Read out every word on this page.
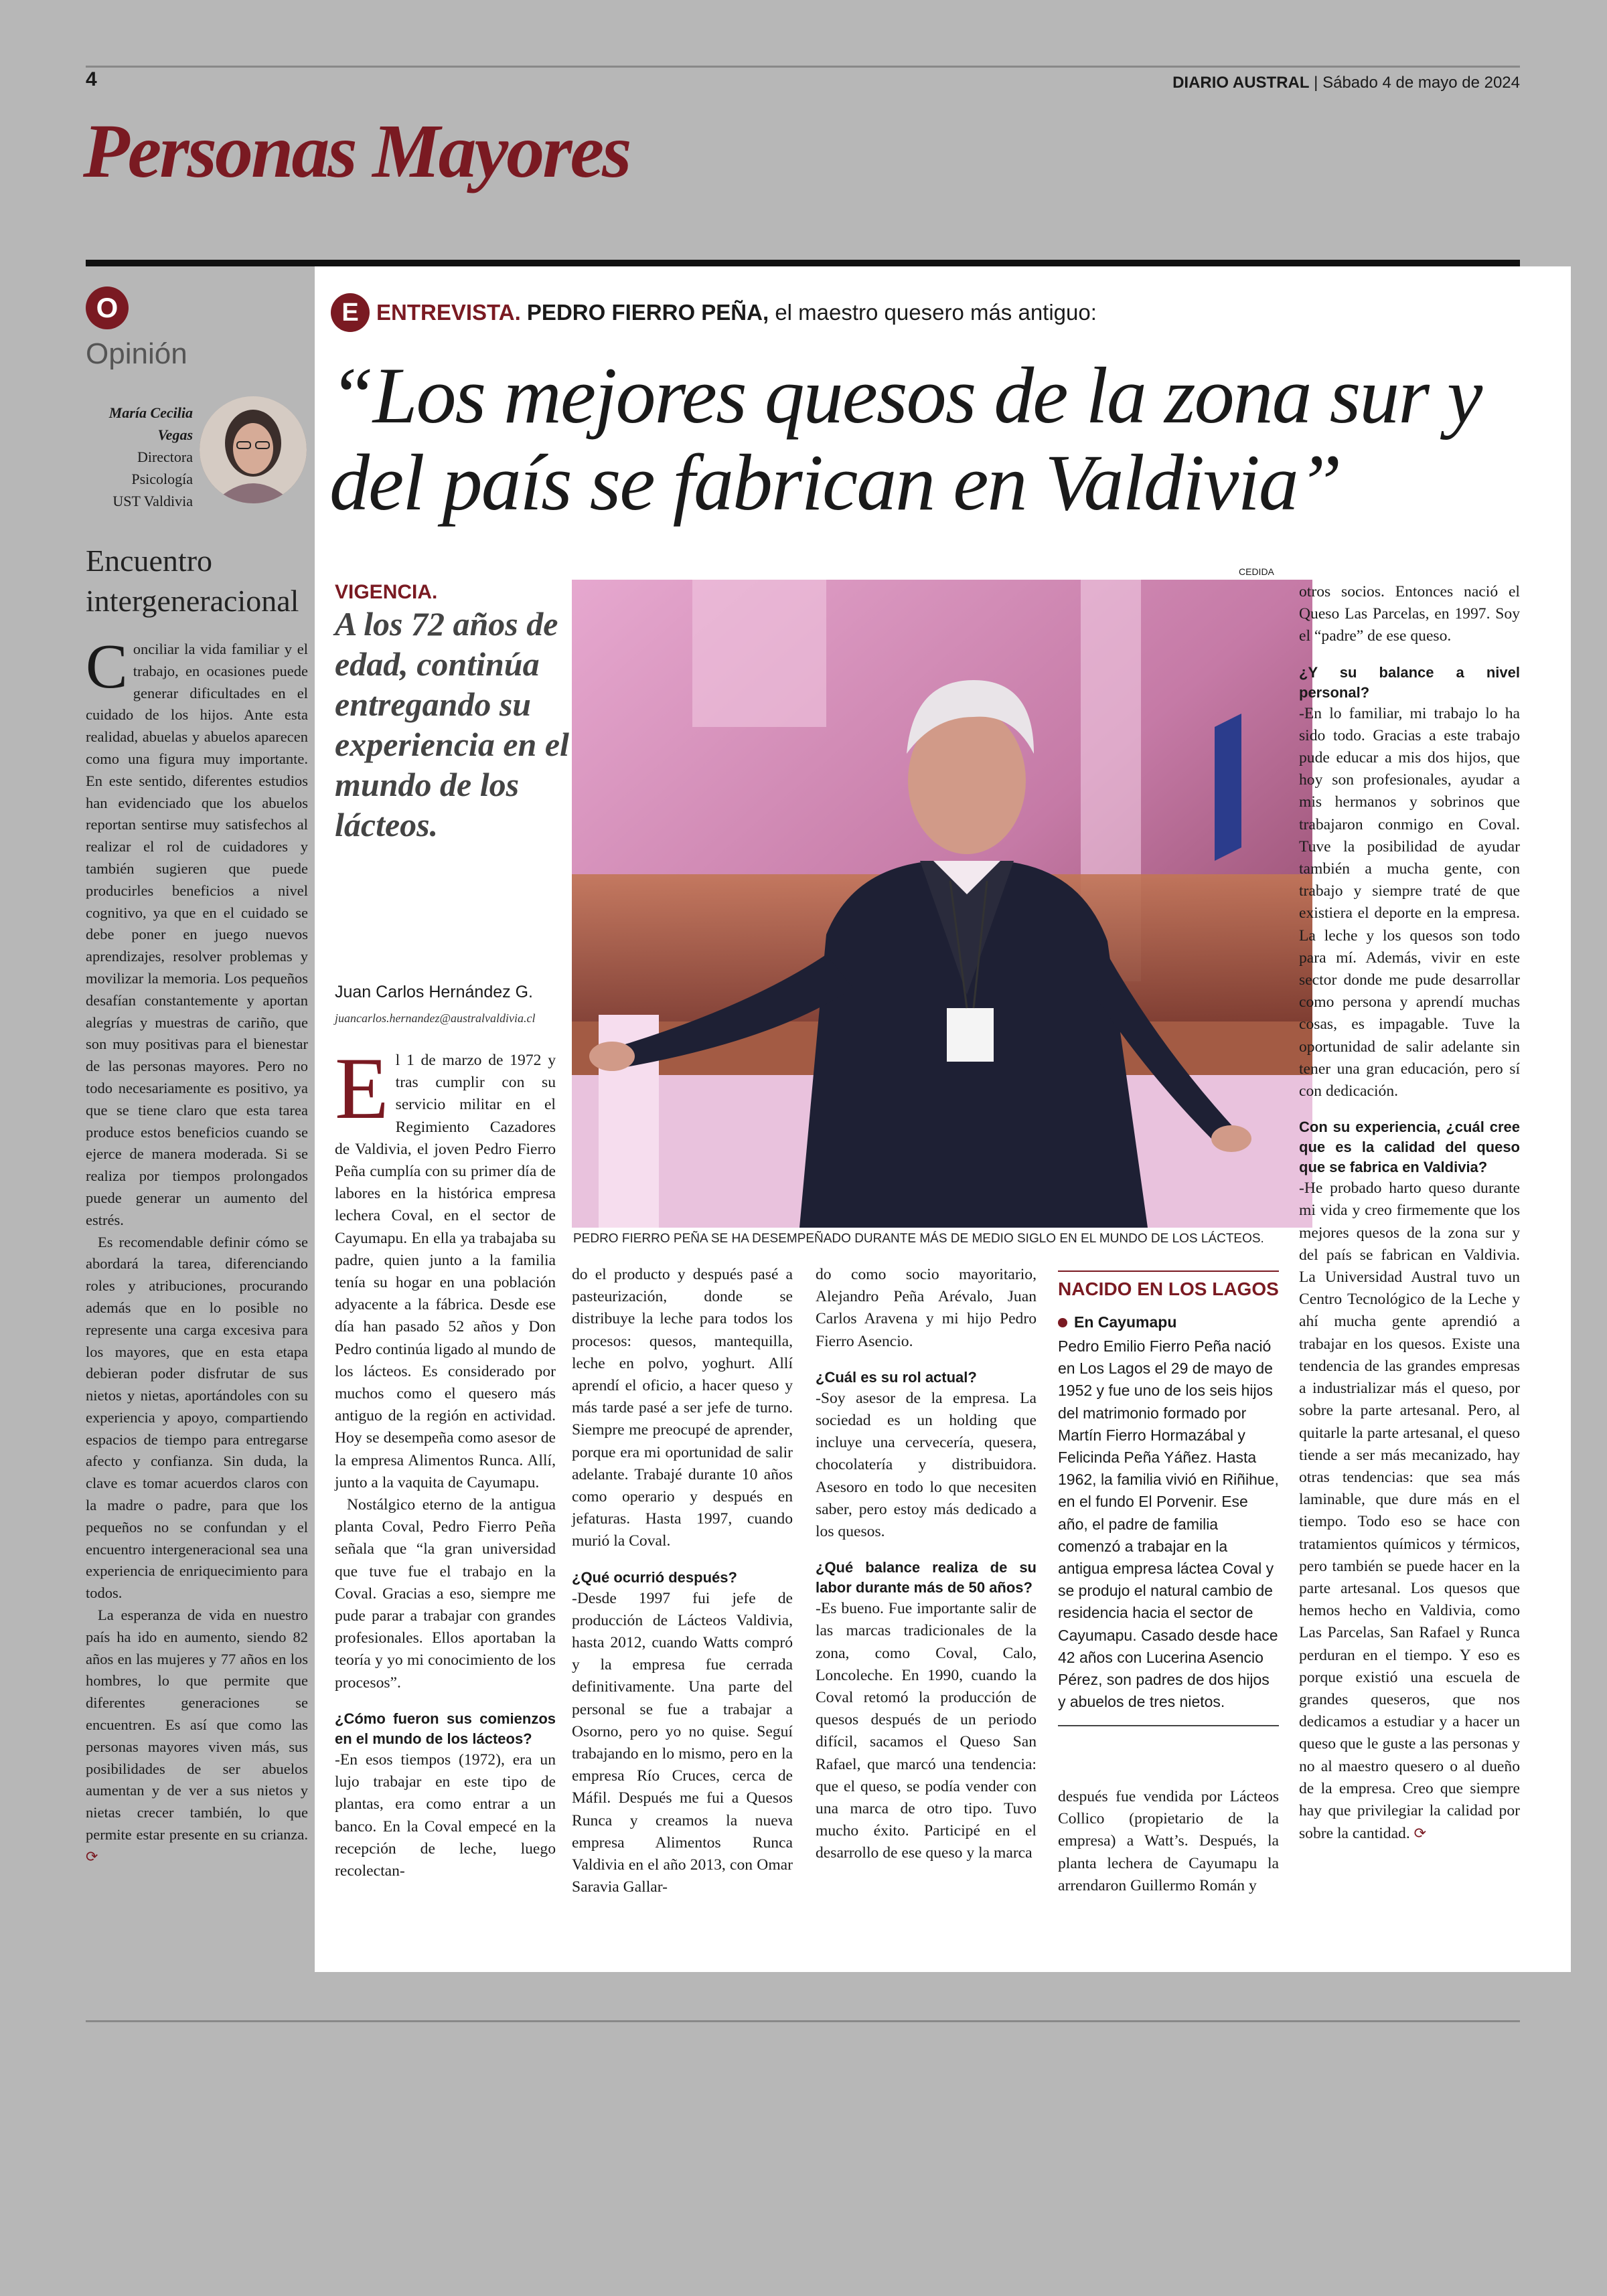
4	DIARIO AUSTRAL | Sábado 4 de mayo de 2024
Personas Mayores
O
Opinión
María Cecilia Vegas
Directora
Psicología
UST Valdivia
Encuentro intergeneracional

Conciliar la vida familiar y el trabajo, en ocasiones puede generar dificultades en el cuidado de los hijos. Ante esta realidad, abuelas y abuelos aparecen como una figura muy importante. En este sentido, diferentes estudios han evidenciado que los abuelos reportan sentirse muy satisfechos al realizar el rol de cuidadores y también sugieren que puede producirles beneficios a nivel cognitivo, ya que en el cuidado se debe poner en juego nuevos aprendizajes, resolver problemas y movilizar la memoria. Los pequeños desafían constantemente y aportan alegrías y muestras de cariño, que son muy positivas para el bienestar de las personas mayores. Pero no todo necesariamente es positivo, ya que se tiene claro que esta tarea produce estos beneficios cuando se ejerce de manera moderada. Si se realiza por tiempos prolongados puede generar un aumento del estrés.

Es recomendable definir cómo se abordará la tarea, diferenciando roles y atribuciones, procurando además que en lo posible no represente una carga excesiva para los mayores, que en esta etapa debieran poder disfrutar de sus nietos y nietas, aportándoles con su experiencia y apoyo, compartiendo espacios de tiempo para entregarse afecto y confianza. Sin duda, la clave es tomar acuerdos claros con la madre o padre, para que los pequeños no se confundan y el encuentro intergeneracional sea una experiencia de enriquecimiento para todos.

La esperanza de vida en nuestro país ha ido en aumento, siendo 82 años en las mujeres y 77 años en los hombres, lo que permite que diferentes generaciones se encuentren. Es así que como las personas mayores viven más, sus posibilidades de ser abuelos aumentan y de ver a sus nietos y nietas crecer también, lo que permite estar presente en su crianza. ⟳

E ENTREVISTA. PEDRO FIERRO PEÑA, el maestro quesero más antiguo:
“Los mejores quesos de la zona sur y del país se fabrican en Valdivia”
VIGENCIA.
A los 72 años de edad, continúa entregando su experiencia en el mundo de los lácteos.
Juan Carlos Hernández G.
juancarlos.hernandez@australvaldivia.cl
CEDIDA
PEDRO FIERRO PEÑA SE HA DESEMPEÑADO DURANTE MÁS DE MEDIO SIGLO EN EL MUNDO DE LOS LÁCTEOS.

El 1 de marzo de 1972 y tras cumplir con su servicio militar en el Regimiento Cazadores de Valdivia, el joven Pedro Fierro Peña cumplía con su primer día de labores en la histórica empresa lechera Coval, en el sector de Cayumapu. En ella ya trabajaba su padre, quien junto a la familia tenía su hogar en una población adyacente a la fábrica. Desde ese día han pasado 52 años y Don Pedro continúa ligado al mundo de los lácteos. Es considerado por muchos como el quesero más antiguo de la región en actividad. Hoy se desempeña como asesor de la empresa Alimentos Runca. Allí, junto a la vaquita de Cayumapu.

Nostálgico eterno de la antigua planta Coval, Pedro Fierro Peña señala que “la gran universidad que tuve fue el trabajo en la Coval. Gracias a eso, siempre me pude parar a trabajar con grandes profesionales. Ellos aportaban la teoría y yo mi conocimiento de los procesos”.

¿Cómo fueron sus comienzos en el mundo de los lácteos?

-En esos tiempos (1972), era un lujo trabajar en este tipo de plantas, era como entrar a un banco. En la Coval empecé en la recepción de leche, luego recolectan-

do el producto y después pasé a pasteurización, donde se distribuye la leche para todos los procesos: quesos, mantequilla, leche en polvo, yoghurt. Allí aprendí el oficio, a hacer queso y más tarde pasé a ser jefe de turno. Siempre me preocupé de aprender, porque era mi oportunidad de salir adelante. Trabajé durante 10 años como operario y después en jefaturas. Hasta 1997, cuando murió la Coval.

¿Qué ocurrió después?

-Desde 1997 fui jefe de producción de Lácteos Valdivia, hasta 2012, cuando Watts compró y la empresa fue cerrada definitivamente. Una parte del personal se fue a trabajar a Osorno, pero yo no quise. Seguí trabajando en lo mismo, pero en la empresa Río Cruces, cerca de Máfil. Después me fui a Quesos Runca y creamos la nueva empresa Alimentos Runca Valdivia en el año 2013, con Omar Saravia Gallar-

do como socio mayoritario, Alejandro Peña Arévalo, Juan Carlos Aravena y mi hijo Pedro Fierro Asencio.

¿Cuál es su rol actual?

-Soy asesor de la empresa. La sociedad es un holding que incluye una cervecería, quesera, chocolatería y distribuidora. Asesoro en todo lo que necesiten saber, pero estoy más dedicado a los quesos.

¿Qué balance realiza de su labor durante más de 50 años?

-Es bueno. Fue importante salir de las marcas tradicionales de la zona, como Coval, Calo, Loncoleche. En 1990, cuando la Coval retomó la producción de quesos después de un periodo difícil, sacamos el Queso San Rafael, que marcó una tendencia: que el queso, se podía vender con una marca de otro tipo. Tuvo mucho éxito. Participé en el desarrollo de ese queso y la marca

NACIDO EN LOS LAGOS
En Cayumapu
Pedro Emilio Fierro Peña nació en Los Lagos el 29 de mayo de 1952 y fue uno de los seis hijos del matrimonio formado por Martín Fierro Hormazábal y Felicinda Peña Yáñez. Hasta 1962, la familia vivió en Riñihue, en el fundo El Porvenir. Ese año, el padre de familia comenzó a trabajar en la antigua empresa láctea Coval y se produjo el natural cambio de residencia hacia el sector de Cayumapu. Casado desde hace 42 años con Lucerina Asencio Pérez, son padres de dos hijos y abuelos de tres nietos.

después fue vendida por Lácteos Collico (propietario de la empresa) a Watt’s. Después, la planta lechera de Cayumapu la arrendaron Guillermo Román y

otros socios. Entonces nació el Queso Las Parcelas, en 1997. Soy el “padre” de ese queso.

¿Y su balance a nivel personal?

-En lo familiar, mi trabajo lo ha sido todo. Gracias a este trabajo pude educar a mis dos hijos, que hoy son profesionales, ayudar a mis hermanos y sobrinos que trabajaron conmigo en Coval. Tuve la posibilidad de ayudar también a mucha gente, con trabajo y siempre traté de que existiera el deporte en la empresa. La leche y los quesos son todo para mí. Además, vivir en este sector donde me pude desarrollar como persona y aprendí muchas cosas, es impagable. Tuve la oportunidad de salir adelante sin tener una gran educación, pero sí con dedicación.

Con su experiencia, ¿cuál cree que es la calidad del queso que se fabrica en Valdivia?

-He probado harto queso durante mi vida y creo firmemente que los mejores quesos de la zona sur y del país se fabrican en Valdivia. La Universidad Austral tuvo un Centro Tecnológico de la Leche y ahí mucha gente aprendió a trabajar en los quesos. Existe una tendencia de las grandes empresas a industrializar más el queso, por sobre la parte artesanal. Pero, al quitarle la parte artesanal, el queso tiende a ser más mecanizado, hay otras tendencias: que sea más laminable, que dure más en el tiempo. Todo eso se hace con tratamientos químicos y térmicos, pero también se puede hacer en la parte artesanal. Los quesos que hemos hecho en Valdivia, como Las Parcelas, San Rafael y Runca perduran en el tiempo. Y eso es porque existió una escuela de grandes queseros, que nos dedicamos a estudiar y a hacer un queso que le guste a las personas y no al maestro quesero o al dueño de la empresa. Creo que siempre hay que privilegiar la calidad por sobre la cantidad. ⟳
